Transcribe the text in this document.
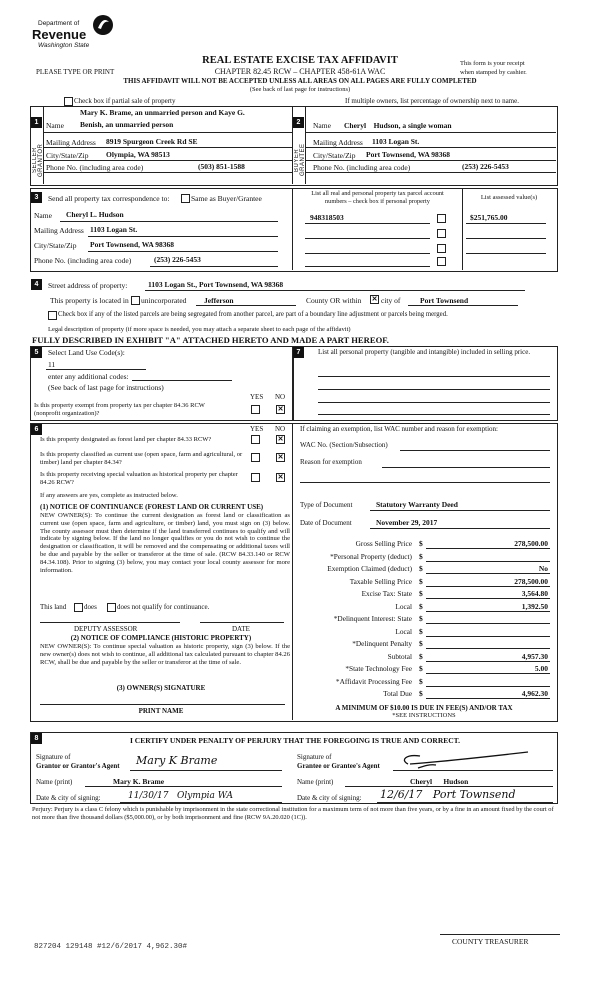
Department of
Revenue
Washington State
REAL ESTATE EXCISE TAX AFFIDAVIT
CHAPTER 82.45 RCW – CHAPTER 458-61A WAC
THIS AFFIDAVIT WILL NOT BE ACCEPTED UNLESS ALL AREAS ON ALL PAGES ARE FULLY COMPLETED
(See back of last page for instructions)
PLEASE TYPE OR PRINT
This form is your receipt
when stamped by cashier.
Check box if partial sale of property	If multiple owners, list percentage of ownership next to name.
1	2
SELLER GRANTOR	BUYER GRANTEE
Name
Mary K. Brame, an unmarried person and Kaye G.
Benish, an unmarried person
Mailing Address 8919 Spurgeon Creek Rd SE
City/State/Zip Olympia, WA 98513
Phone No. (including area code)	(503) 851-1588
Name Cheryl    Hudson, a single woman
Mailing Address 1103 Logan St.
City/State/Zip Port Townsend, WA 98368
Phone No. (including area code)	(253) 226-5453
3	Send all property tax correspondence to:	Same as Buyer/Grantee
Name Cheryl L. Hudson
Mailing Address 1103 Logan St.
City/State/Zip Port Townsend, WA 98368
Phone No. (including area code)	(253) 226-5453
List all real and personal property tax parcel account
numbers – check box if personal property
List assessed value(s)
948318503	$251,765.00
4	Street address of property:	1103 Logan St., Port Townsend, WA 98368
This property is located in unincorporated Jefferson	County OR within ✕ city of	Port Townsend
Check box if any of the listed parcels are being segregated from another parcel, are part of a boundary line adjustment or parcels being merged.
Legal description of property (if more space is needed, you may attach a separate sheet to each page of the affidavit)
FULLY DESCRIBED IN EXHIBIT "A" ATTACHED HERETO AND MADE A PART HEREOF.
5	Select Land Use Code(s):
11
enter any additional codes:
(See back of last page for instructions)
YES NO
Is this property exempt from property tax per chapter 84.36 RCW (nonprofit organization)?
✕
7	List all personal property (tangible and intangible) included in selling price.
6	YES NO
Is this property designated as forest land per chapter 84.33 RCW?	✕
Is this property classified as current use (open space, farm and agricultural, or timber) land per chapter 84.34?
✕
Is this property receiving special valuation as historical property per chapter 84.26 RCW?
✕
If any answers are yes, complete as instructed below.
(1) NOTICE OF CONTINUANCE (FOREST LAND OR CURRENT USE)
NEW OWNER(S): To continue the current designation as forest land or classification as current use (open space, farm and agriculture, or timber) land, you must sign on (3) below. The county assessor must then determine if the land transferred continues to qualify and will indicate by signing below. If the land no longer qualifies or you do not wish to continue the designation or classification, it will be removed and the compensating or additional taxes will be due and payable by the seller or transferor at the time of sale. (RCW 84.33.140 or RCW 84.34.108). Prior to signing (3) below, you may contact your local county assessor for more information.
This land	does	does not qualify for continuance.
DEPUTY ASSESSOR	DATE
(2) NOTICE OF COMPLIANCE (HISTORIC PROPERTY)
NEW OWNER(S): To continue special valuation as historic property, sign (3) below. If the new owner(s) does not wish to continue, all additional tax calculated pursuant to chapter 84.26 RCW, shall be due and payable by the seller or transferor at the time of sale.
(3) OWNER(S) SIGNATURE
PRINT NAME
If claiming an exemption, list WAC number and reason for exemption:
WAC No. (Section/Subsection)
Reason for exemption
Type of Document	Statutory Warranty Deed
Date of Document	November 29, 2017
Gross Selling Price $	278,500.00
*Personal Property (deduct) $
Exemption Claimed (deduct) $	No
Taxable Selling Price $	278,500.00
Excise Tax: State $	3,564.80
Local $	1,392.50
*Delinquent Interest: State $
Local $
*Delinquent Penalty $
Subtotal $	4,957.30
*State Technology Fee $	5.00
*Affidavit Processing Fee $
Total Due $	4,962.30
A MINIMUM OF $10.00 IS DUE IN FEE(S) AND/OR TAX
*SEE INSTRUCTIONS
8	I CERTIFY UNDER PENALTY OF PERJURY THAT THE FOREGOING IS TRUE AND CORRECT.
Signature of
Grantor or Grantor's Agent Mary K Brame
Name (print)	Mary K. Brame
Date & city of signing:	11/30/17   Olympia WA
Signature of
Grantee or Grantee's Agent
Name (print)	Cheryl      Hudson
Date & city of signing: 12/6/17   Port Townsend
Perjury: Perjury is a class C felony which is punishable by imprisonment in the state correctional institution for a maximum term of not more than five years, or by a fine in an amount fixed by the court of not more than five thousand dollars ($5,000.00), or by both imprisonment and fine (RCW 9A.20.020 (1C)).
827204 129148 #12/6/2017 4,962.30#
COUNTY TREASURER
